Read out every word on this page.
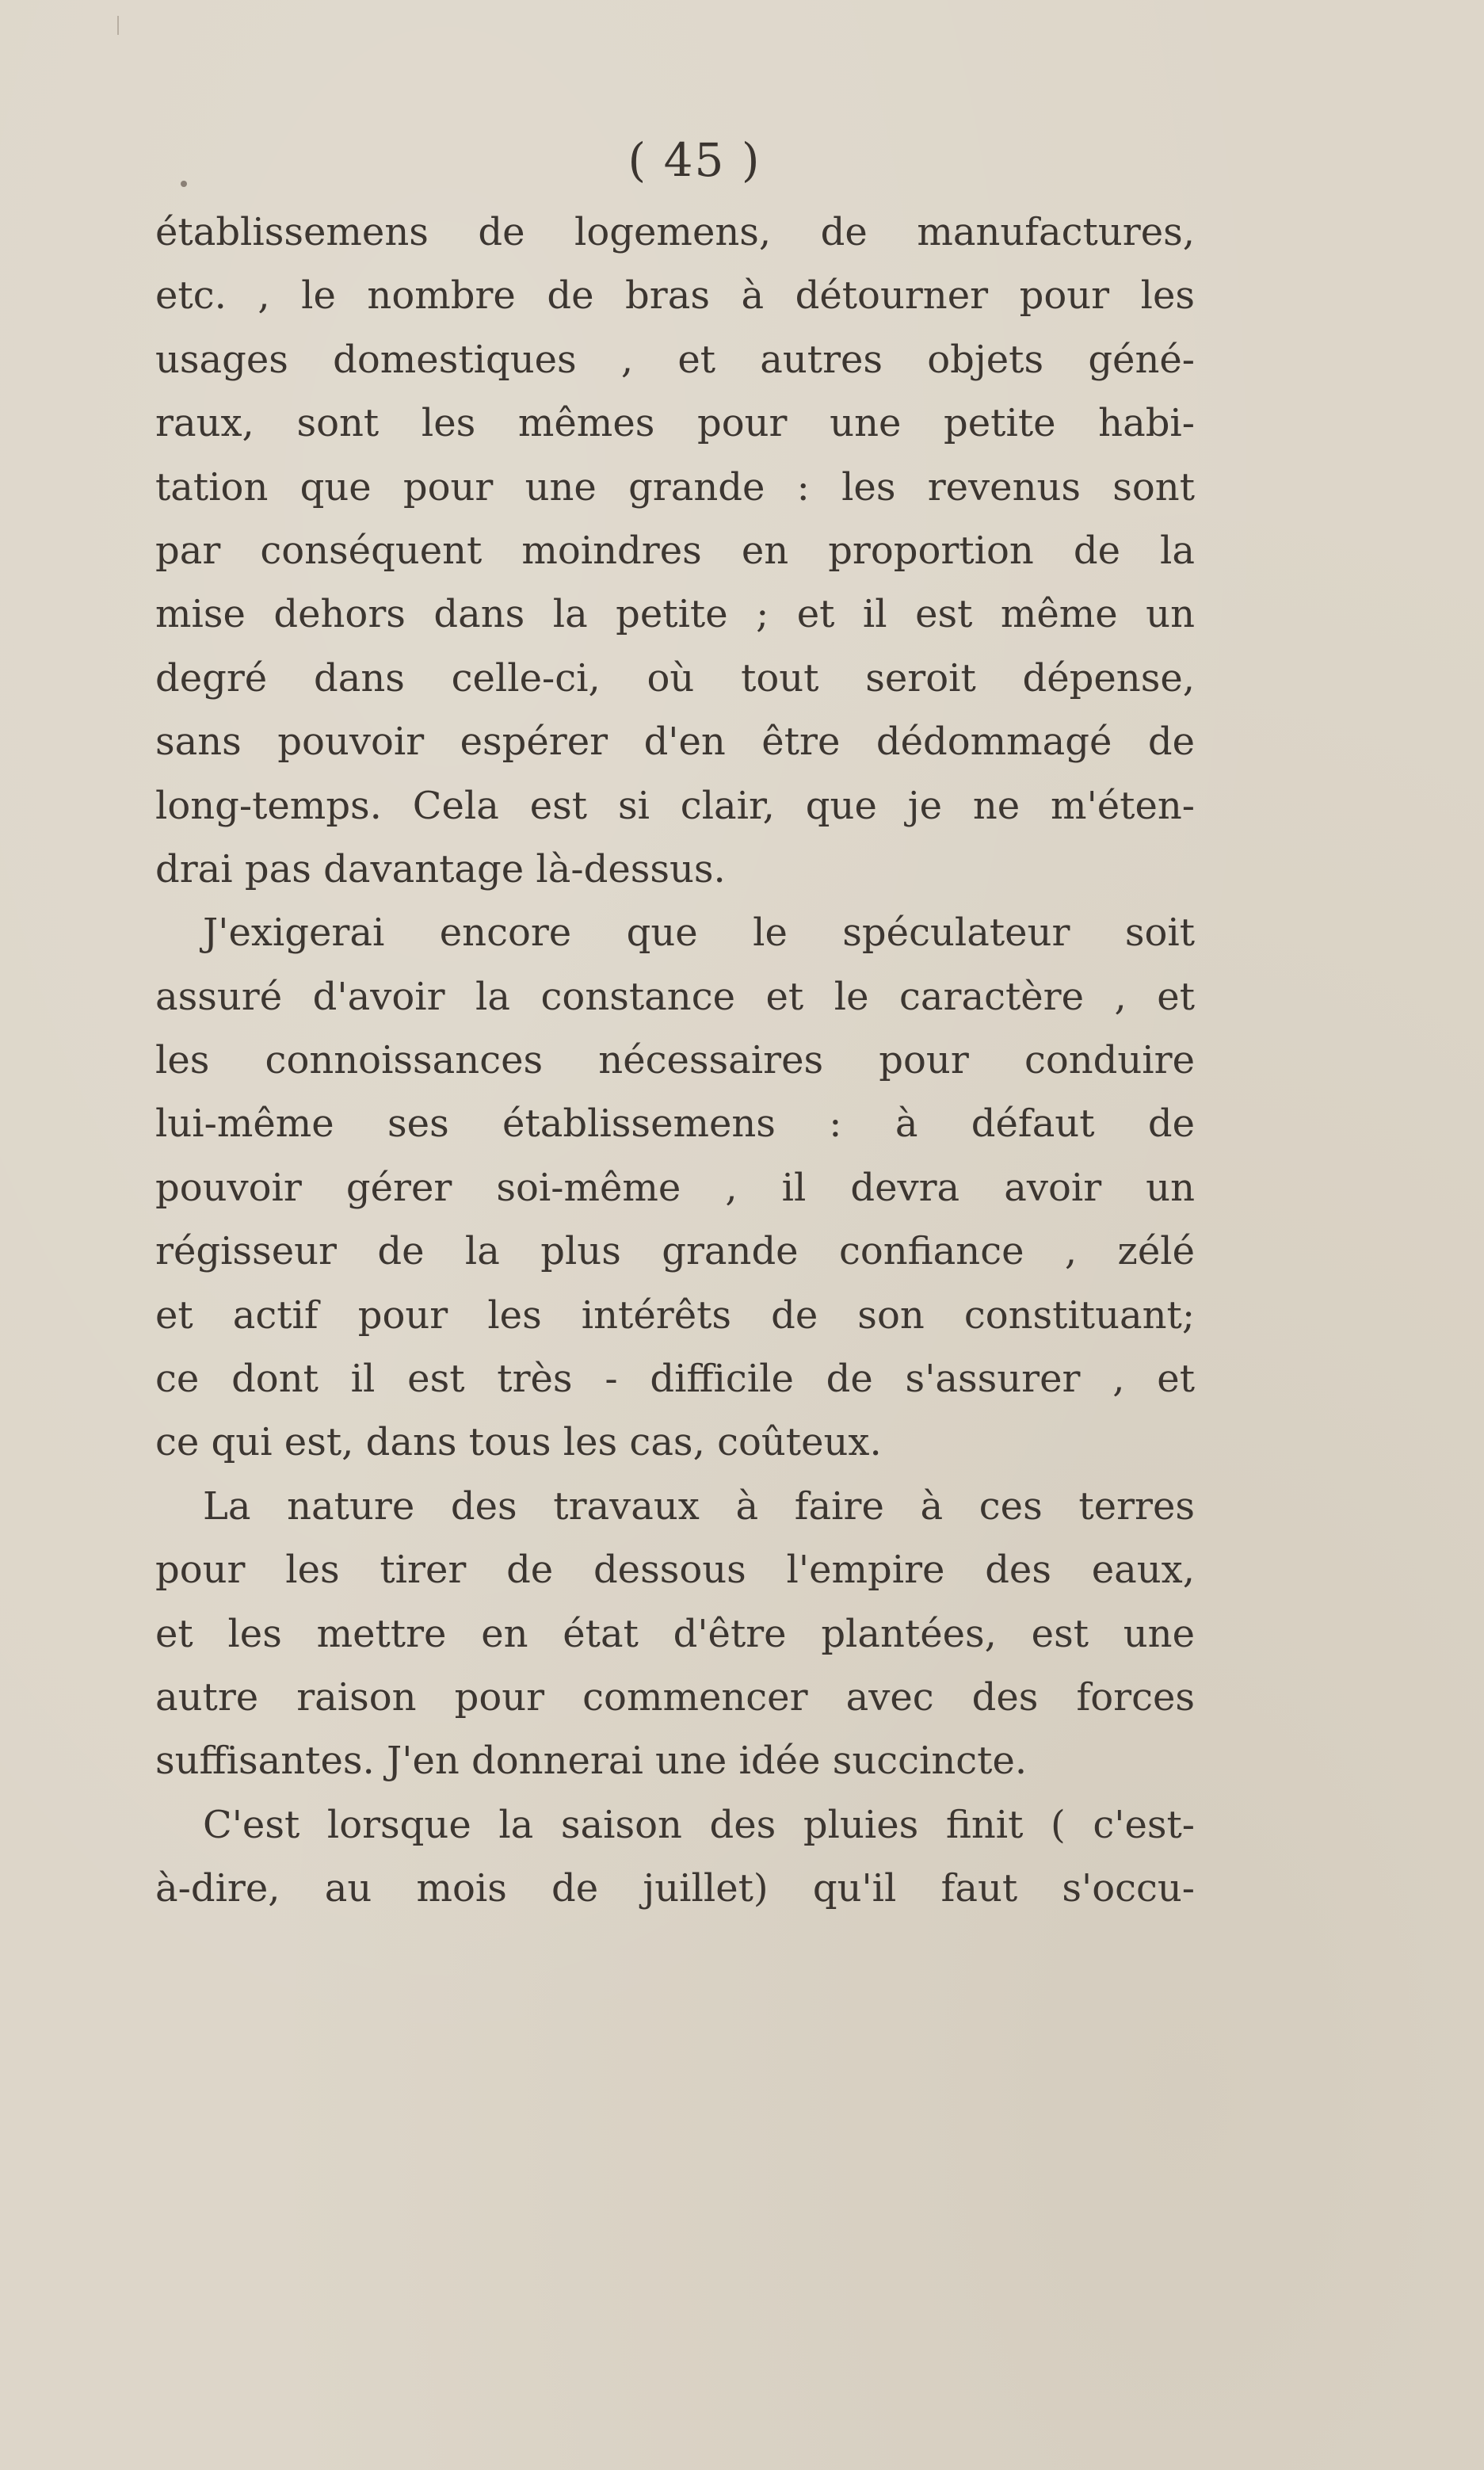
( 45 )
établissemens de logemens, de manufactures,
etc. , le nombre de bras à détourner pour les
usages domestiques , et autres objets géné-
raux, sont les mêmes pour une petite habi-
tation que pour une grande : les revenus sont
par conséquent moindres en proportion de la
mise dehors dans la petite ; et il est même un
degré dans celle-ci, où tout seroit dépense,
sans pouvoir espérer d'en être dédommagé de
long-temps. Cela est si clair, que je ne m'éten-
drai pas davantage là-dessus.
J'exigerai encore que le spéculateur soit
assuré d'avoir la constance et le caractère , et
les connoissances nécessaires pour conduire
lui-même ses établissemens : à défaut de
pouvoir gérer soi-même , il devra avoir un
régisseur de la plus grande confiance , zélé
et actif pour les intérêts de son constituant;
ce dont il est très - difficile de s'assurer , et
ce qui est, dans tous les cas, coûteux.
La nature des travaux à faire à ces terres
pour les tirer de dessous l'empire des eaux,
et les mettre en état d'être plantées, est une
autre raison pour commencer avec des forces
suffisantes. J'en donnerai une idée succincte.
C'est lorsque la saison des pluies finit ( c'est-
à-dire, au mois de juillet) qu'il faut s'occu-
